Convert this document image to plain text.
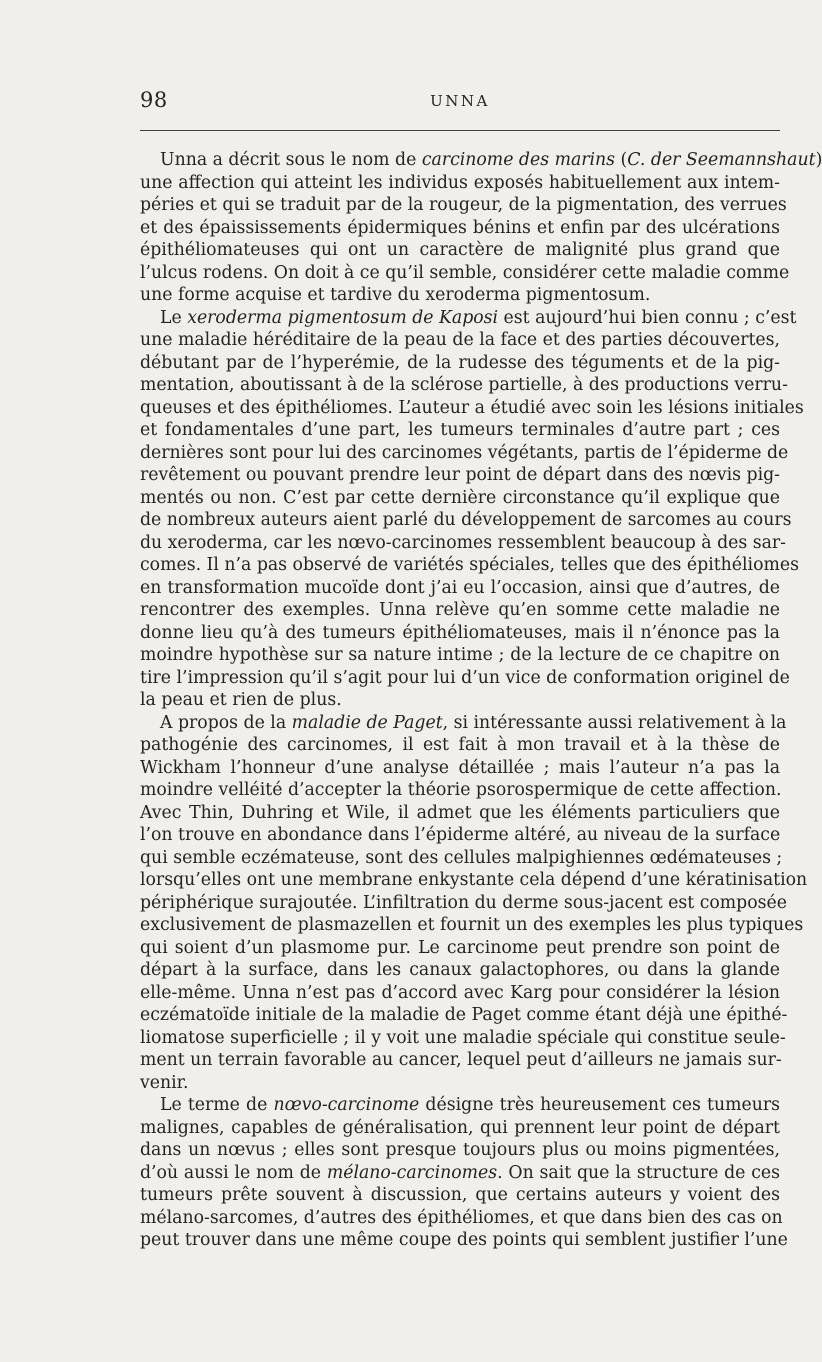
98	UNNA
Unna a décrit sous le nom de carcinome des marins (C. der Seemannshaut)
une affection qui atteint les individus exposés habituellement aux intem-
péries et qui se traduit par de la rougeur, de la pigmentation, des verrues
et des épaississements épidermiques bénins et enfin par des ulcérations
épithéliomateuses qui ont un caractère de malignité plus grand que
l’ulcus rodens. On doit à ce qu’il semble, considérer cette maladie comme
une forme acquise et tardive du xeroderma pigmentosum.
Le xeroderma pigmentosum de Kaposi est aujourd’hui bien connu ; c’est
une maladie héréditaire de la peau de la face et des parties découvertes,
débutant par de l’hyperémie, de la rudesse des téguments et de la pig-
mentation, aboutissant à de la sclérose partielle, à des productions verru-
queuses et des épithéliomes. L’auteur a étudié avec soin les lésions initiales
et fondamentales d’une part, les tumeurs terminales d’autre part ; ces
dernières sont pour lui des carcinomes végétants, partis de l’épiderme de
revêtement ou pouvant prendre leur point de départ dans des nœvis pig-
mentés ou non. C’est par cette dernière circonstance qu’il explique que
de nombreux auteurs aient parlé du développement de sarcomes au cours
du xeroderma, car les nœvo-carcinomes ressemblent beaucoup à des sar-
comes. Il n’a pas observé de variétés spéciales, telles que des épithéliomes
en transformation mucoïde dont j’ai eu l’occasion, ainsi que d’autres, de
rencontrer des exemples. Unna relève qu’en somme cette maladie ne
donne lieu qu’à des tumeurs épithéliomateuses, mais il n’énonce pas la
moindre hypothèse sur sa nature intime ; de la lecture de ce chapitre on
tire l’impression qu’il s’agit pour lui d’un vice de conformation originel de
la peau et rien de plus.
A propos de la maladie de Paget, si intéressante aussi relativement à la
pathogénie des carcinomes, il est fait à mon travail et à la thèse de
Wickham l’honneur d’une analyse détaillée ; mais l’auteur n’a pas la
moindre velléité d’accepter la théorie psorospermique de cette affection.
Avec Thin, Duhring et Wile, il admet que les éléments particuliers que
l’on trouve en abondance dans l’épiderme altéré, au niveau de la surface
qui semble eczémateuse, sont des cellules malpighiennes œdémateuses ;
lorsqu’elles ont une membrane enkystante cela dépend d’une kératinisation
périphérique surajoutée. L’infiltration du derme sous-jacent est composée
exclusivement de plasmazellen et fournit un des exemples les plus typiques
qui soient d’un plasmome pur. Le carcinome peut prendre son point de
départ à la surface, dans les canaux galactophores, ou dans la glande
elle-même. Unna n’est pas d’accord avec Karg pour considérer la lésion
eczématoïde initiale de la maladie de Paget comme étant déjà une épithé-
liomatose superficielle ; il y voit une maladie spéciale qui constitue seule-
ment un terrain favorable au cancer, lequel peut d’ailleurs ne jamais sur-
venir.
Le terme de nœvo-carcinome désigne très heureusement ces tumeurs
malignes, capables de généralisation, qui prennent leur point de départ
dans un nœvus ; elles sont presque toujours plus ou moins pigmentées,
d’où aussi le nom de mélano-carcinomes. On sait que la structure de ces
tumeurs prête souvent à discussion, que certains auteurs y voient des
mélano-sarcomes, d’autres des épithéliomes, et que dans bien des cas on
peut trouver dans une même coupe des points qui semblent justifier l’une
